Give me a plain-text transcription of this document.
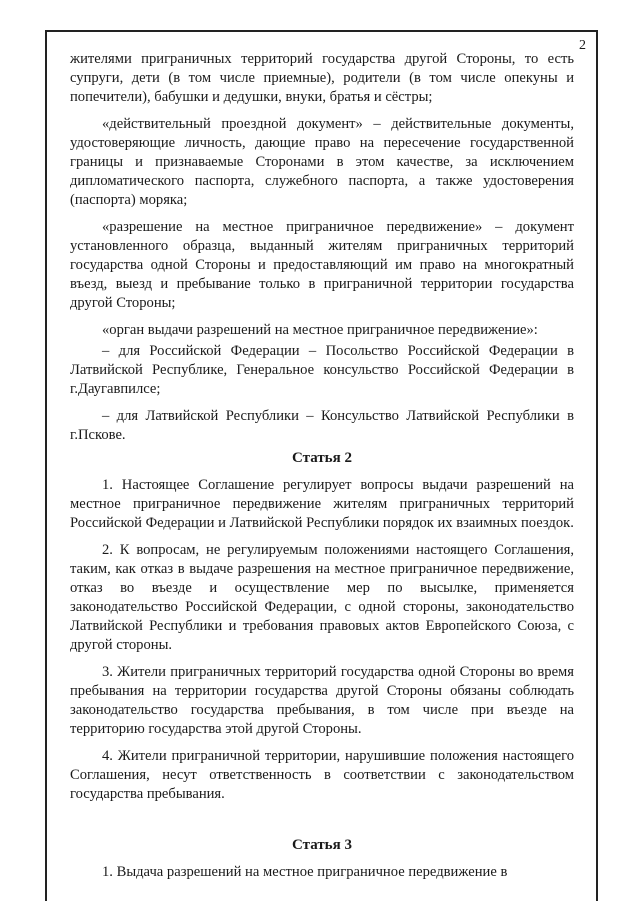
2

жителями приграничных территорий государства другой Стороны, то есть супруги, дети (в том числе приемные), родители (в том числе опекуны и попечители), бабушки и дедушки, внуки, братья и сёстры;

«действительный проездной документ» – действительные документы, удостоверяющие личность, дающие право на пересечение государственной границы и признаваемые Сторонами в этом качестве, за исключением дипломатического паспорта, служебного паспорта, а также удостоверения (паспорта) моряка;

«разрешение на местное приграничное передвижение» – документ установленного образца, выданный жителям приграничных территорий государства одной Стороны и предоставляющий им право на многократный въезд, выезд и пребывание только в приграничной территории государства другой Стороны;

«орган выдачи разрешений на местное приграничное передвижение»:

– для Российской Федерации – Посольство Российской Федерации в Латвийской Республике, Генеральное консульство Российской Федерации в г.Даугавпилсе;

– для Латвийской Республики – Консульство Латвийской Республики в г.Пскове.

Статья 2

1. Настоящее Соглашение регулирует вопросы выдачи разрешений на местное приграничное передвижение жителям приграничных территорий Российской Федерации и Латвийской Республики порядок их взаимных поездок.

2. К вопросам, не регулируемым положениями настоящего Соглашения, таким, как отказ в выдаче разрешения на местное приграничное передвижение, отказ во въезде и осуществление мер по высылке, применяется законодательство Российской Федерации, с одной стороны, законодательство Латвийской Республики и требования правовых актов Европейского Союза, с другой стороны.

3. Жители приграничных территорий государства одной Стороны во время пребывания на территории государства другой Стороны обязаны соблюдать законодательство государства пребывания, в том числе при въезде на территорию государства этой другой Стороны.

4. Жители приграничной территории, нарушившие положения настоящего Соглашения, несут ответственность в соответствии с законодательством государства пребывания.

Статья 3

1. Выдача разрешений на местное приграничное передвижение в
